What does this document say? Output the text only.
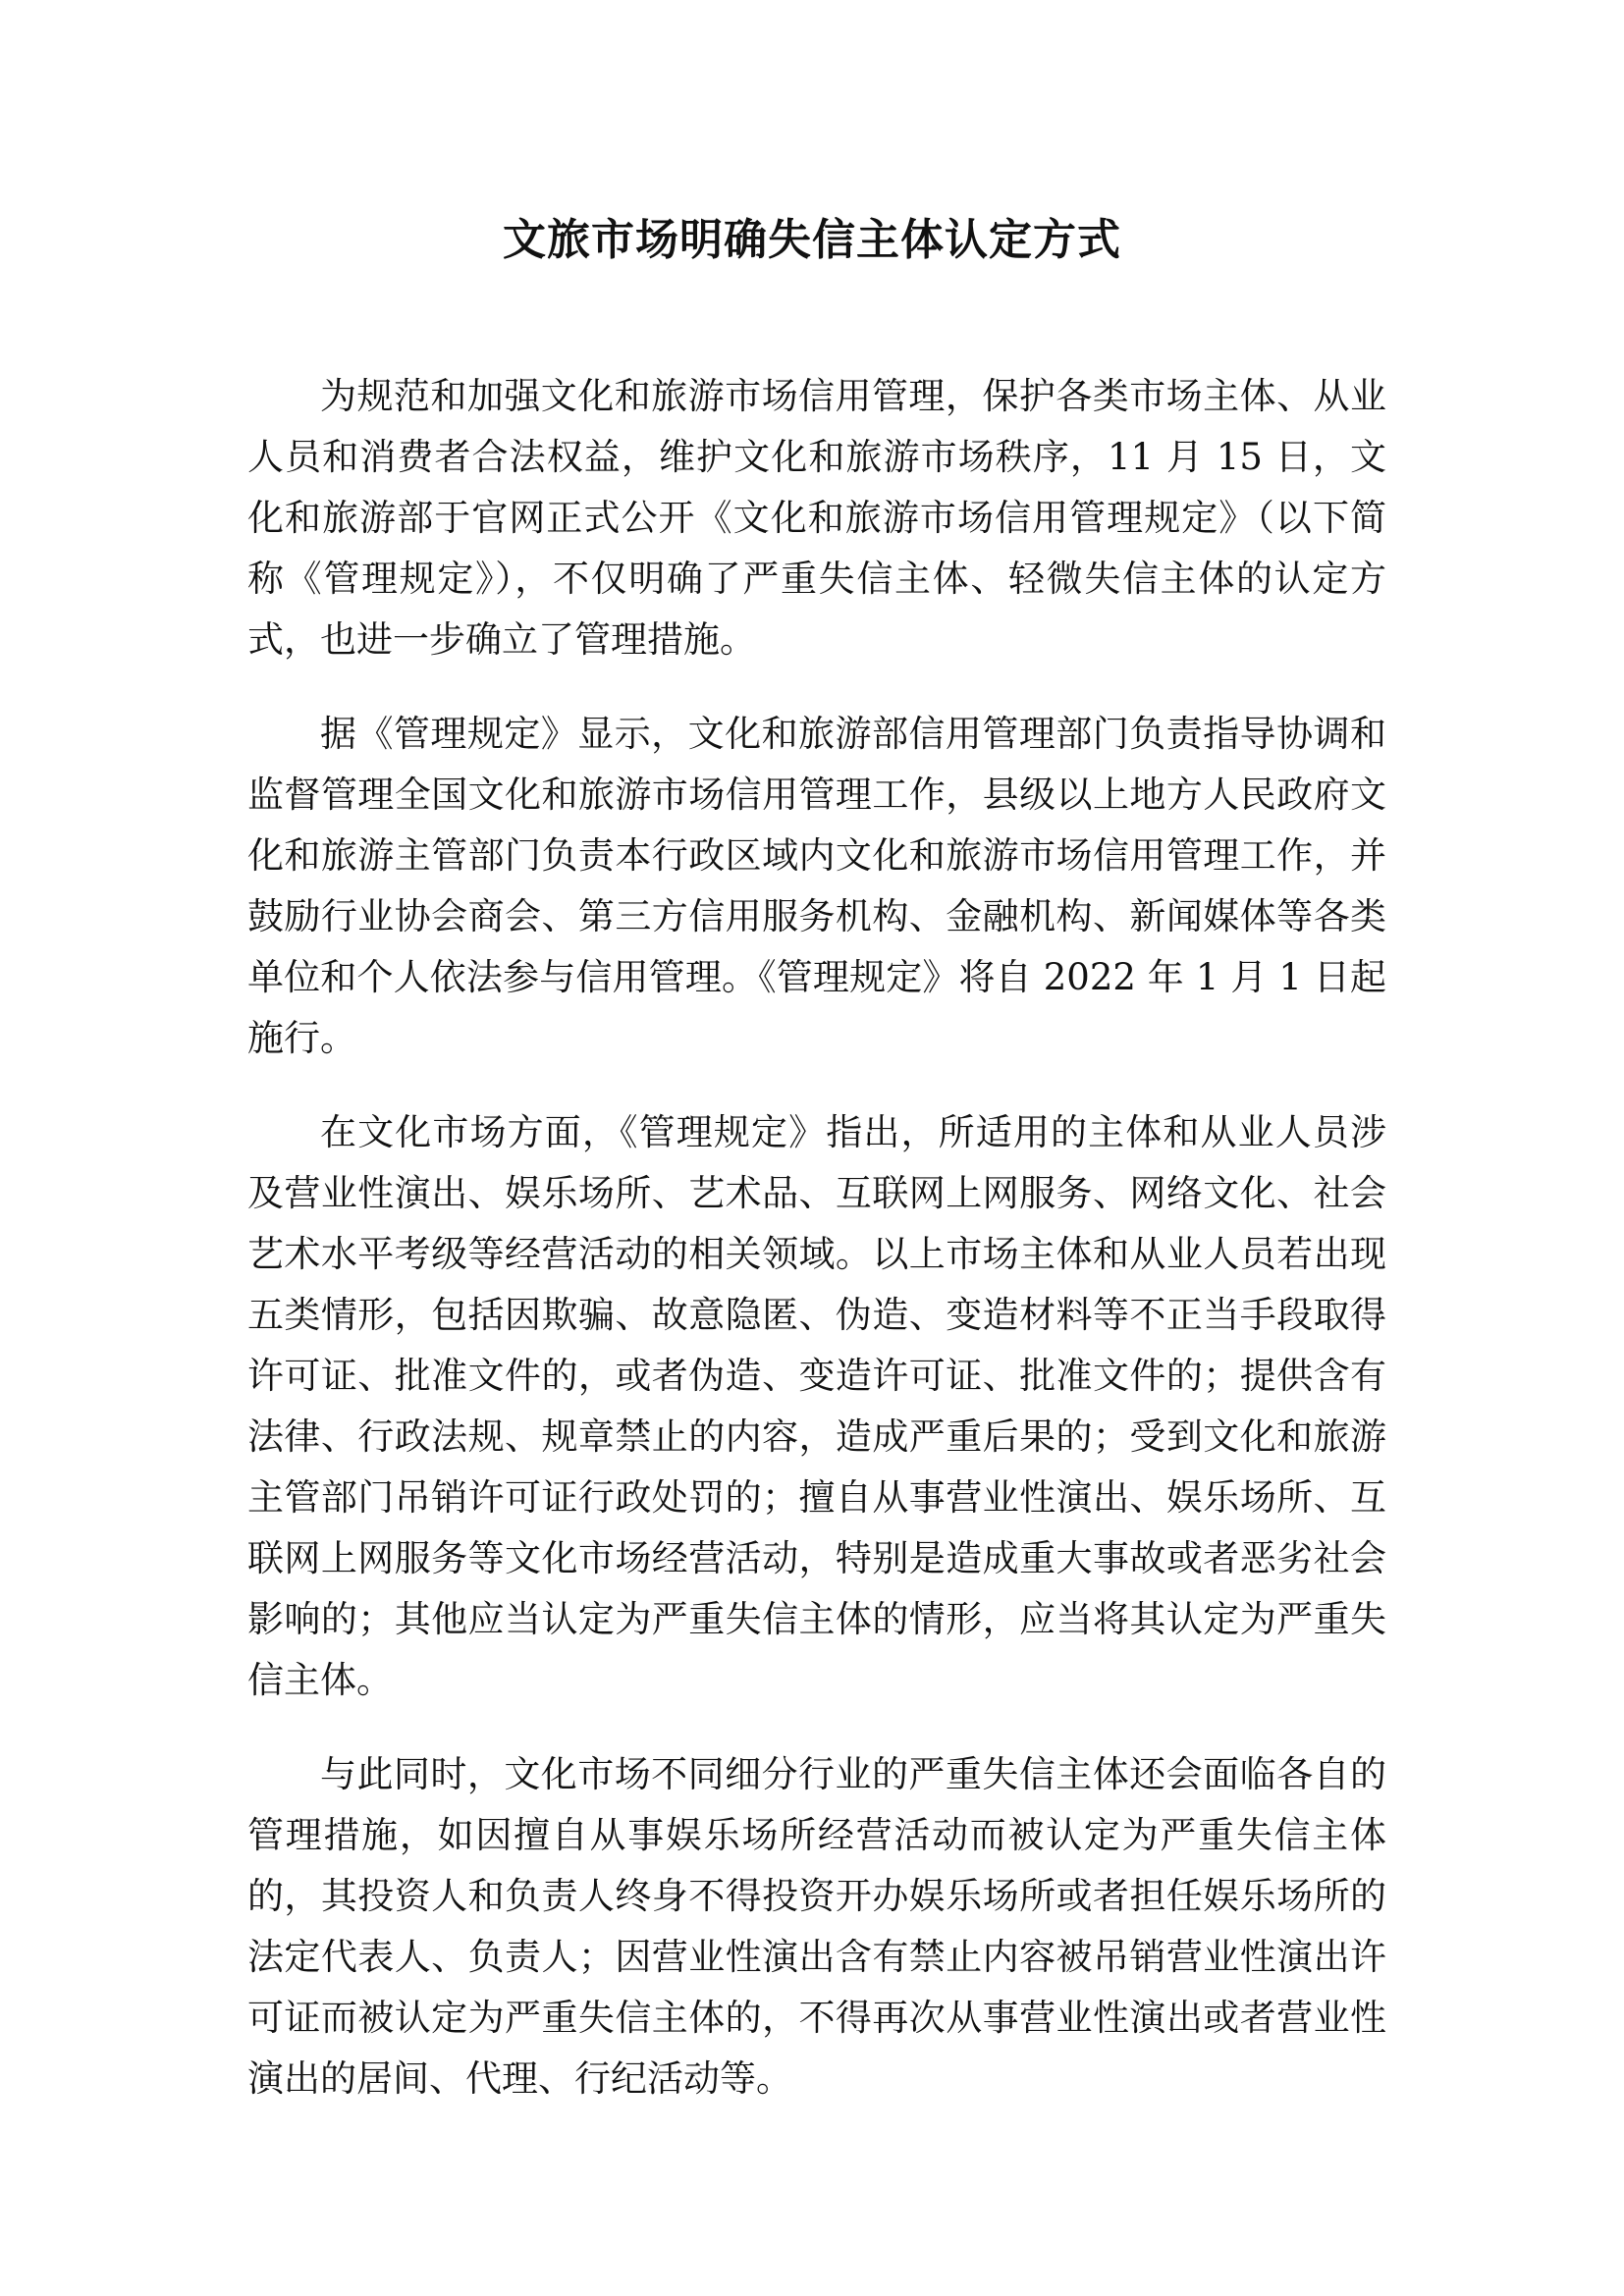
文旅市场明确失信主体认定方式

为规范和加强文化和旅游市场信用管理，保护各类市场主体、从业人员和消费者合法权益，维护文化和旅游市场秩序，11 月 15 日，文化和旅游部于官网正式公开《文化和旅游市场信用管理规定》（以下简称《管理规定》），不仅明确了严重失信主体、轻微失信主体的认定方式，也进一步确立了管理措施。

据《管理规定》显示，文化和旅游部信用管理部门负责指导协调和监督管理全国文化和旅游市场信用管理工作，县级以上地方人民政府文化和旅游主管部门负责本行政区域内文化和旅游市场信用管理工作，并鼓励行业协会商会、第三方信用服务机构、金融机构、新闻媒体等各类单位和个人依法参与信用管理。《管理规定》将自 2022 年 1 月 1 日起施行。

在文化市场方面，《管理规定》指出，所适用的主体和从业人员涉及营业性演出、娱乐场所、艺术品、互联网上网服务、网络文化、社会艺术水平考级等经营活动的相关领域。以上市场主体和从业人员若出现五类情形，包括因欺骗、故意隐匿、伪造、变造材料等不正当手段取得许可证、批准文件的，或者伪造、变造许可证、批准文件的；提供含有法律、行政法规、规章禁止的内容，造成严重后果的；受到文化和旅游主管部门吊销许可证行政处罚的；擅自从事营业性演出、娱乐场所、互联网上网服务等文化市场经营活动，特别是造成重大事故或者恶劣社会影响的；其他应当认定为严重失信主体的情形，应当将其认定为严重失信主体。

与此同时，文化市场不同细分行业的严重失信主体还会面临各自的管理措施，如因擅自从事娱乐场所经营活动而被认定为严重失信主体的，其投资人和负责人终身不得投资开办娱乐场所或者担任娱乐场所的法定代表人、负责人；因营业性演出含有禁止内容被吊销营业性演出许可证而被认定为严重失信主体的，不得再次从事营业性演出或者营业性演出的居间、代理、行纪活动等。
